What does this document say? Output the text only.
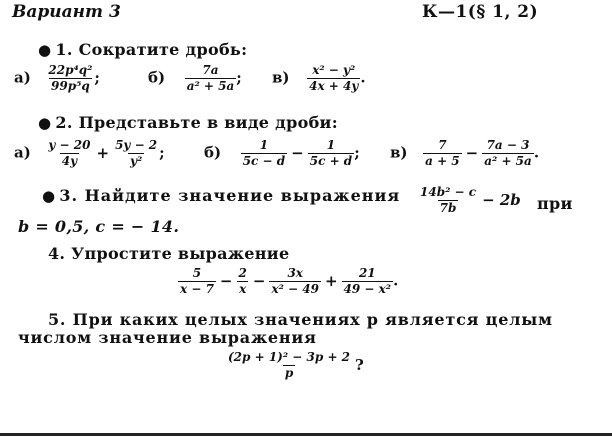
Вариант 3	К—1(§ 1, 2)
● 1. Сократите дробь:
$а) \frac{\text{22p⁴q²}}{\text{99p⁵q}}$ ;	$б) \frac{7a}{\text{a² + 5a}}$ ; $в) \frac{\text{x² − y²}}{4x + 4y}$ .
● 2. Представьте в виде дроби:
$а) \frac{y - 20}{4y} + \frac{5y - 2}{\text{y²}}$ ;	$б) \frac{1}{5c - d} - \frac{1}{5c + d}$ ; $в) \frac{7}{a + 5} - \frac{7a - 3}{\text{a² + 5a}}$ .
● 3. Найдите значение выражения $\frac{\text{14b² − c}}{7b} - 2b$ при
b = 0,5, c = − 14.
4. Упростите выражение
$\frac{5}{x - 7} - \frac{2}{x} - \frac{3x}{\text{x² − 49}} + \frac{21}{\text{49 − x²}}$ .
5. При каких целых значениях p является целым
числом значение выражения
$\frac{\text{(2p + 1)² − 3p + 2}}{p}$ ?
